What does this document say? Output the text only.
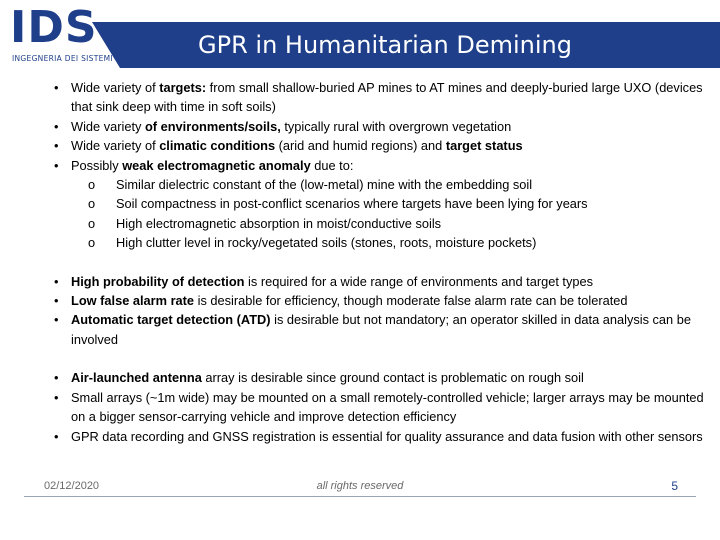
IDS
INGEGNERIA DEI SISTEMI	GPR in Humanitarian Demining
• Wide variety of targets: from small shallow-buried AP mines to AT mines and deeply-buried large UXO (devices that sink deep with time in soft soils)
• Wide variety of environments/soils, typically rural with overgrown vegetation
• Wide variety of climatic conditions (arid and humid regions) and target status
• Possibly weak electromagnetic anomaly due to:
o Similar dielectric constant of the (low-metal) mine with the embedding soil
o Soil compactness in post-conflict scenarios where targets have been lying for years
o High electromagnetic absorption in moist/conductive soils
o High clutter level in rocky/vegetated soils (stones, roots, moisture pockets)
• High probability of detection is required for a wide range of environments and target types
• Low false alarm rate is desirable for efficiency, though moderate false alarm rate can be tolerated
• Automatic target detection (ATD) is desirable but not mandatory; an operator skilled in data analysis can be involved
• Air-launched antenna array is desirable since ground contact is problematic on rough soil
• Small arrays (~1m wide) may be mounted on a small remotely-controlled vehicle; larger arrays may be mounted on a bigger sensor-carrying vehicle and improve detection efficiency
• GPR data recording and GNSS registration is essential for quality assurance and data fusion with other sensors
02/12/2020	all rights reserved	5
